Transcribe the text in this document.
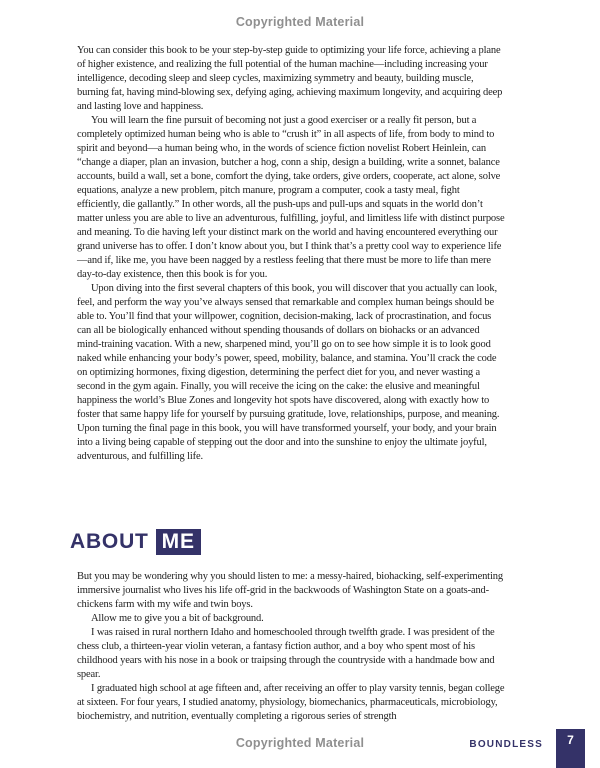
Copyrighted Material

You can consider this book to be your step-by-step guide to optimizing your life force, achieving a plane of higher existence, and realizing the full potential of the human machine—including increasing your intelligence, decoding sleep and sleep cycles, maximizing symmetry and beauty, building muscle, burning fat, having mind-blowing sex, defying aging, achieving maximum longevity, and acquiring deep and lasting love and happiness.

You will learn the fine pursuit of becoming not just a good exerciser or a really fit person, but a completely optimized human being who is able to “crush it” in all aspects of life, from body to mind to spirit and beyond—a human being who, in the words of science fiction novelist Robert Heinlein, can “change a diaper, plan an invasion, butcher a hog, conn a ship, design a building, write a sonnet, balance accounts, build a wall, set a bone, comfort the dying, take orders, give orders, cooperate, act alone, solve equations, analyze a new problem, pitch manure, program a computer, cook a tasty meal, fight efficiently, die gallantly.” In other words, all the push-ups and pull-ups and squats in the world don’t matter unless you are able to live an adventurous, fulfilling, joyful, and limitless life with distinct purpose and meaning. To die having left your distinct mark on the world and having encountered everything our grand universe has to offer. I don’t know about you, but I think that’s a pretty cool way to experience life—and if, like me, you have been nagged by a restless feeling that there must be more to life than mere day-to-day existence, then this book is for you.

Upon diving into the first several chapters of this book, you will discover that you actually can look, feel, and perform the way you’ve always sensed that remarkable and complex human beings should be able to. You’ll find that your willpower, cognition, decision-making, lack of procrastination, and focus can all be biologically enhanced without spending thousands of dollars on biohacks or an advanced mind-training vacation. With a new, sharpened mind, you’ll go on to see how simple it is to look good naked while enhancing your body’s power, speed, mobility, balance, and stamina. You’ll crack the code on optimizing hormones, fixing digestion, determining the perfect diet for you, and never wasting a second in the gym again. Finally, you will receive the icing on the cake: the elusive and meaningful happiness the world’s Blue Zones and longevity hot spots have discovered, along with exactly how to foster that same happy life for yourself by pursuing gratitude, love, relationships, purpose, and meaning. Upon turning the final page in this book, you will have transformed yourself, your body, and your brain into a living being capable of stepping out the door and into the sunshine to enjoy the ultimate joyful, adventurous, and fulfilling life.

ABOUT ME

But you may be wondering why you should listen to me: a messy-haired, biohacking, self-experimenting immersive journalist who lives his life off-grid in the backwoods of Washington State on a goats-and-chickens farm with my wife and twin boys.

Allow me to give you a bit of background.

I was raised in rural northern Idaho and homeschooled through twelfth grade. I was president of the chess club, a thirteen-year violin veteran, a fantasy fiction author, and a boy who spent most of his childhood years with his nose in a book or traipsing through the countryside with a handmade bow and spear.

I graduated high school at age fifteen and, after receiving an offer to play varsity tennis, began college at sixteen. For four years, I studied anatomy, physiology, biomechanics, pharmaceuticals, microbiology, biochemistry, and nutrition, eventually completing a rigorous series of strength

Copyrighted Material	BOUNDLESS	7
